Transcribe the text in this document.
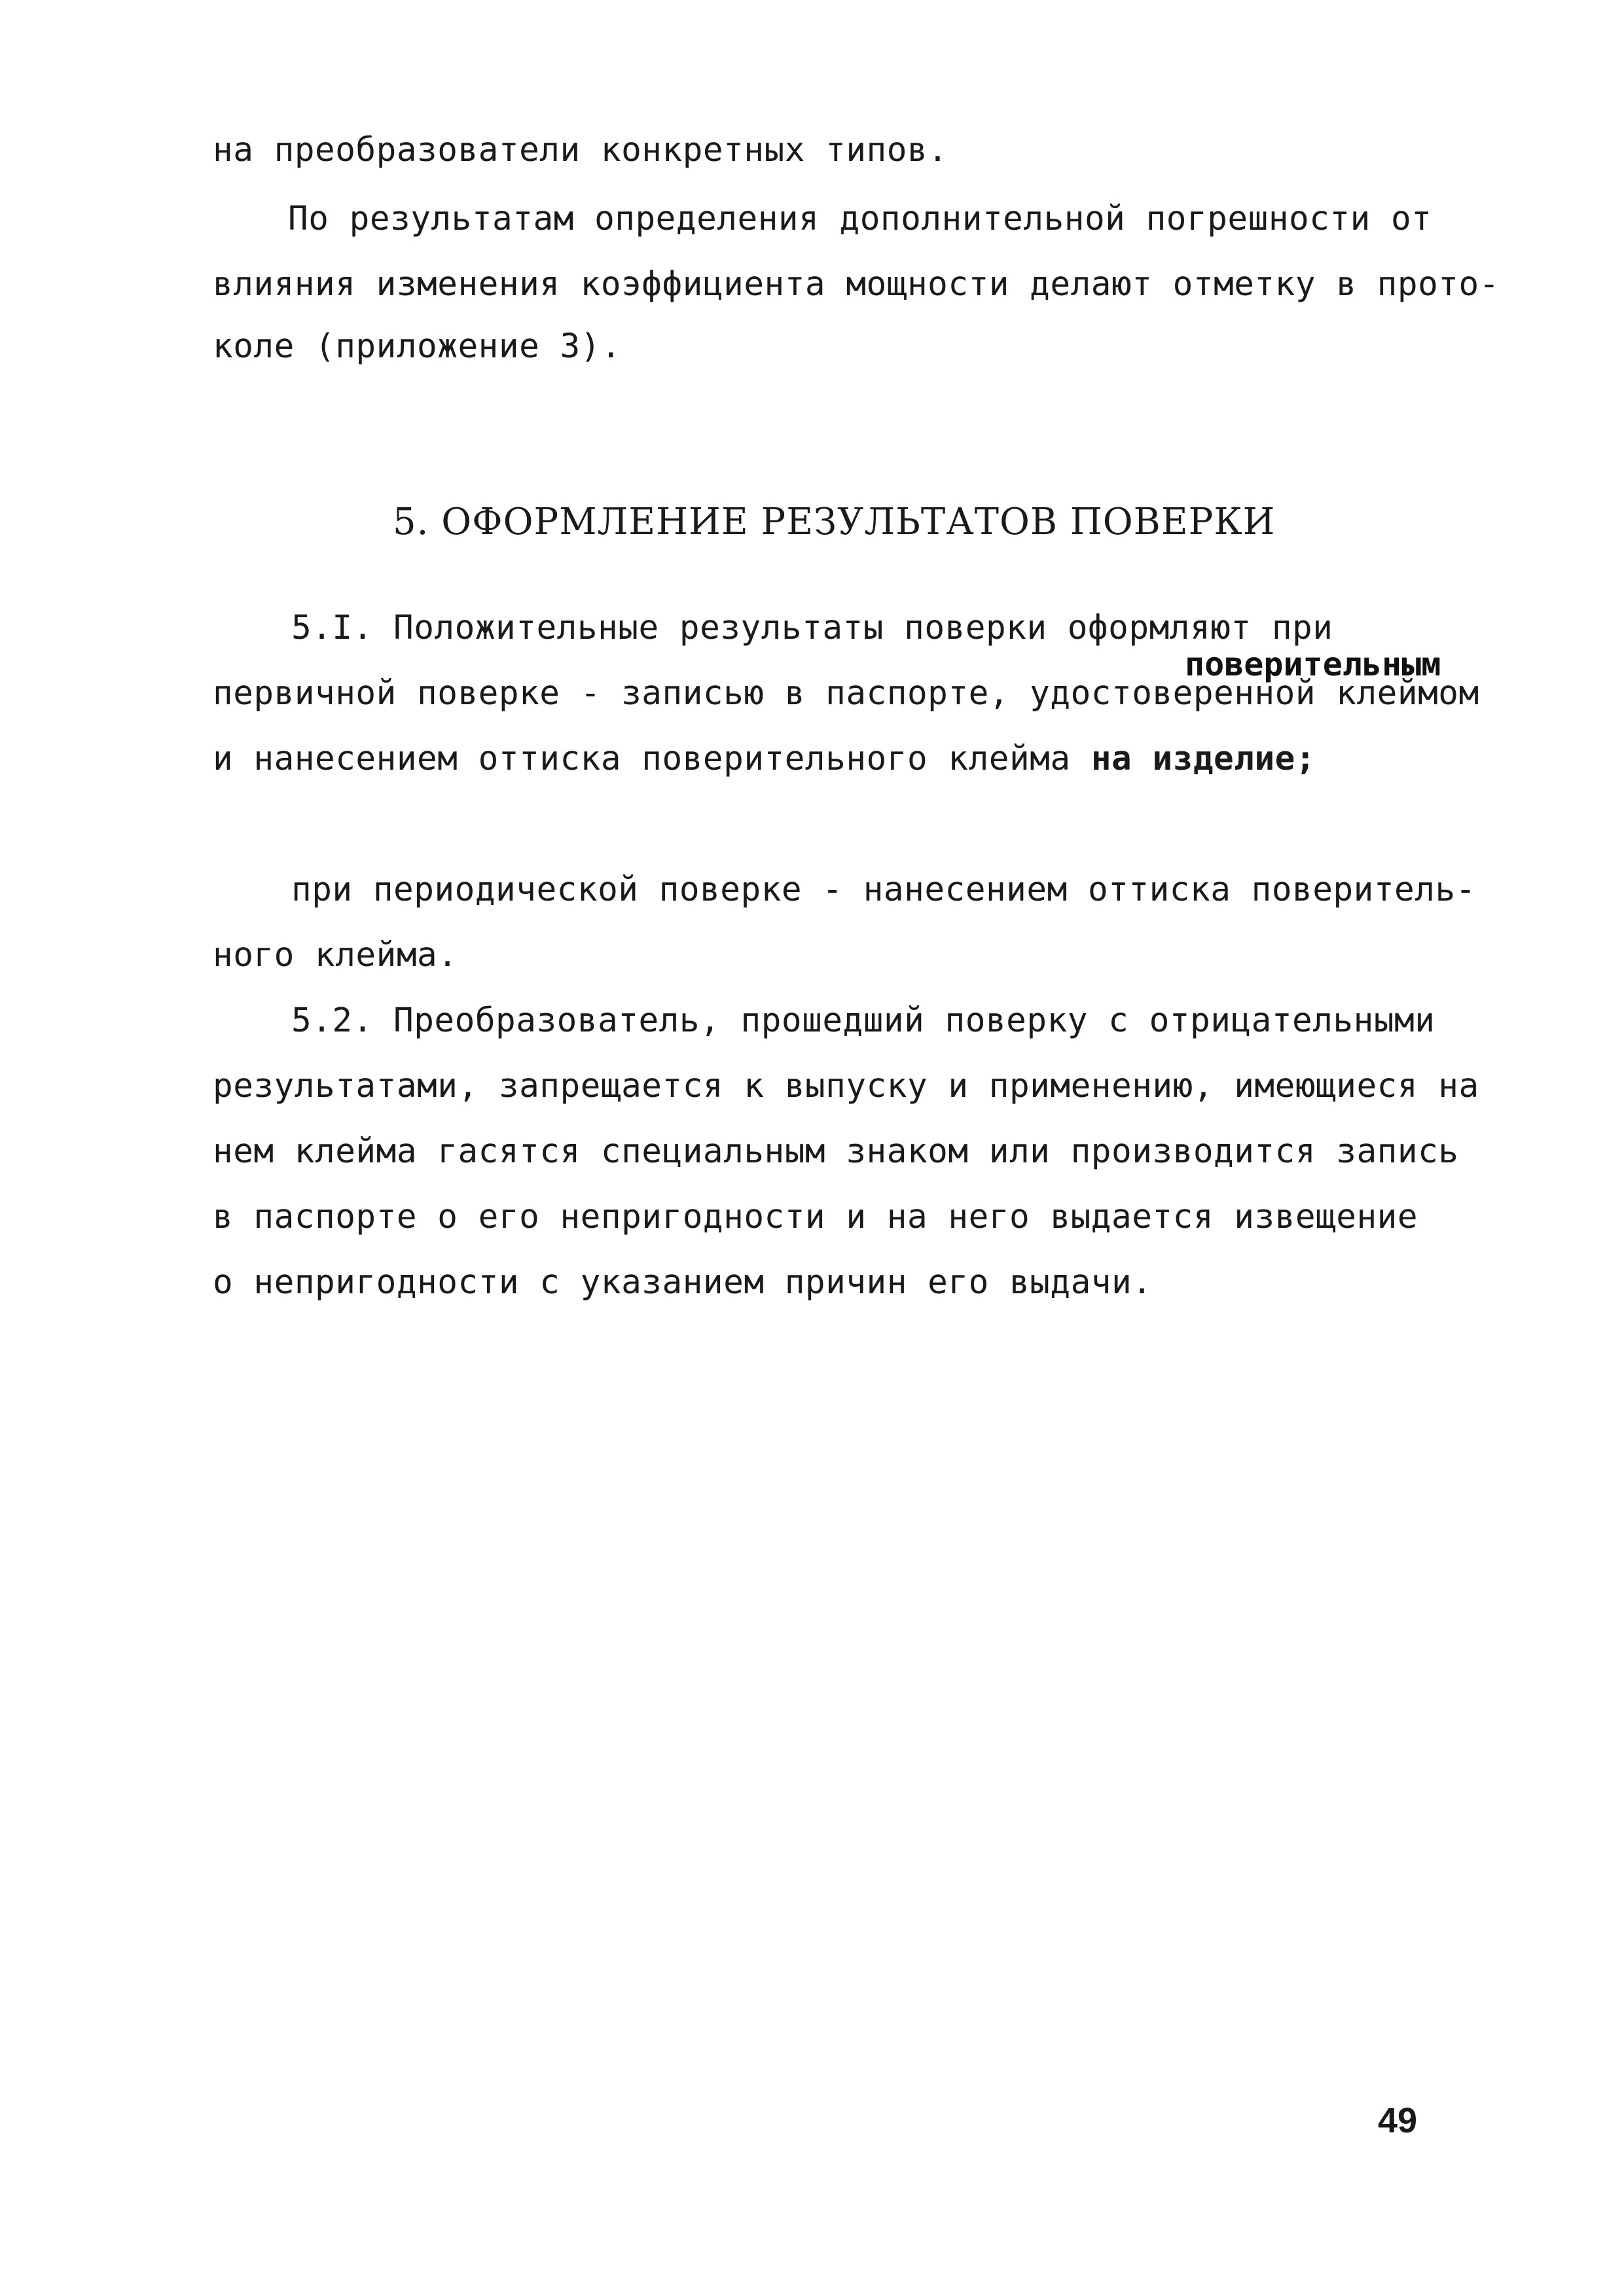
на преобразователи конкретных типов.
По результатам определения дополнительной погрешности от
влияния изменения коэффициента мощности делают отметку в прото-
коле (приложение 3).
5. ОФОРМЛЕНИЕ РЕЗУЛЬТАТОВ ПОВЕРКИ
5.I. Положительные результаты поверки оформляют при
поверительным
первичной поверке - записью в паспорте, удостоверенной клеймом
и нанесением оттиска поверительного клейма на изделие;
при периодической поверке - нанесением оттиска поверитель-
ного клейма.
5.2. Преобразователь, прошедший поверку с отрицательными
результатами, запрещается к выпуску и применению, имеющиеся на
нем клейма гасятся специальным знаком или производится запись
в паспорте о его непригодности и на него выдается извещение
о непригодности с указанием причин его выдачи.
49
